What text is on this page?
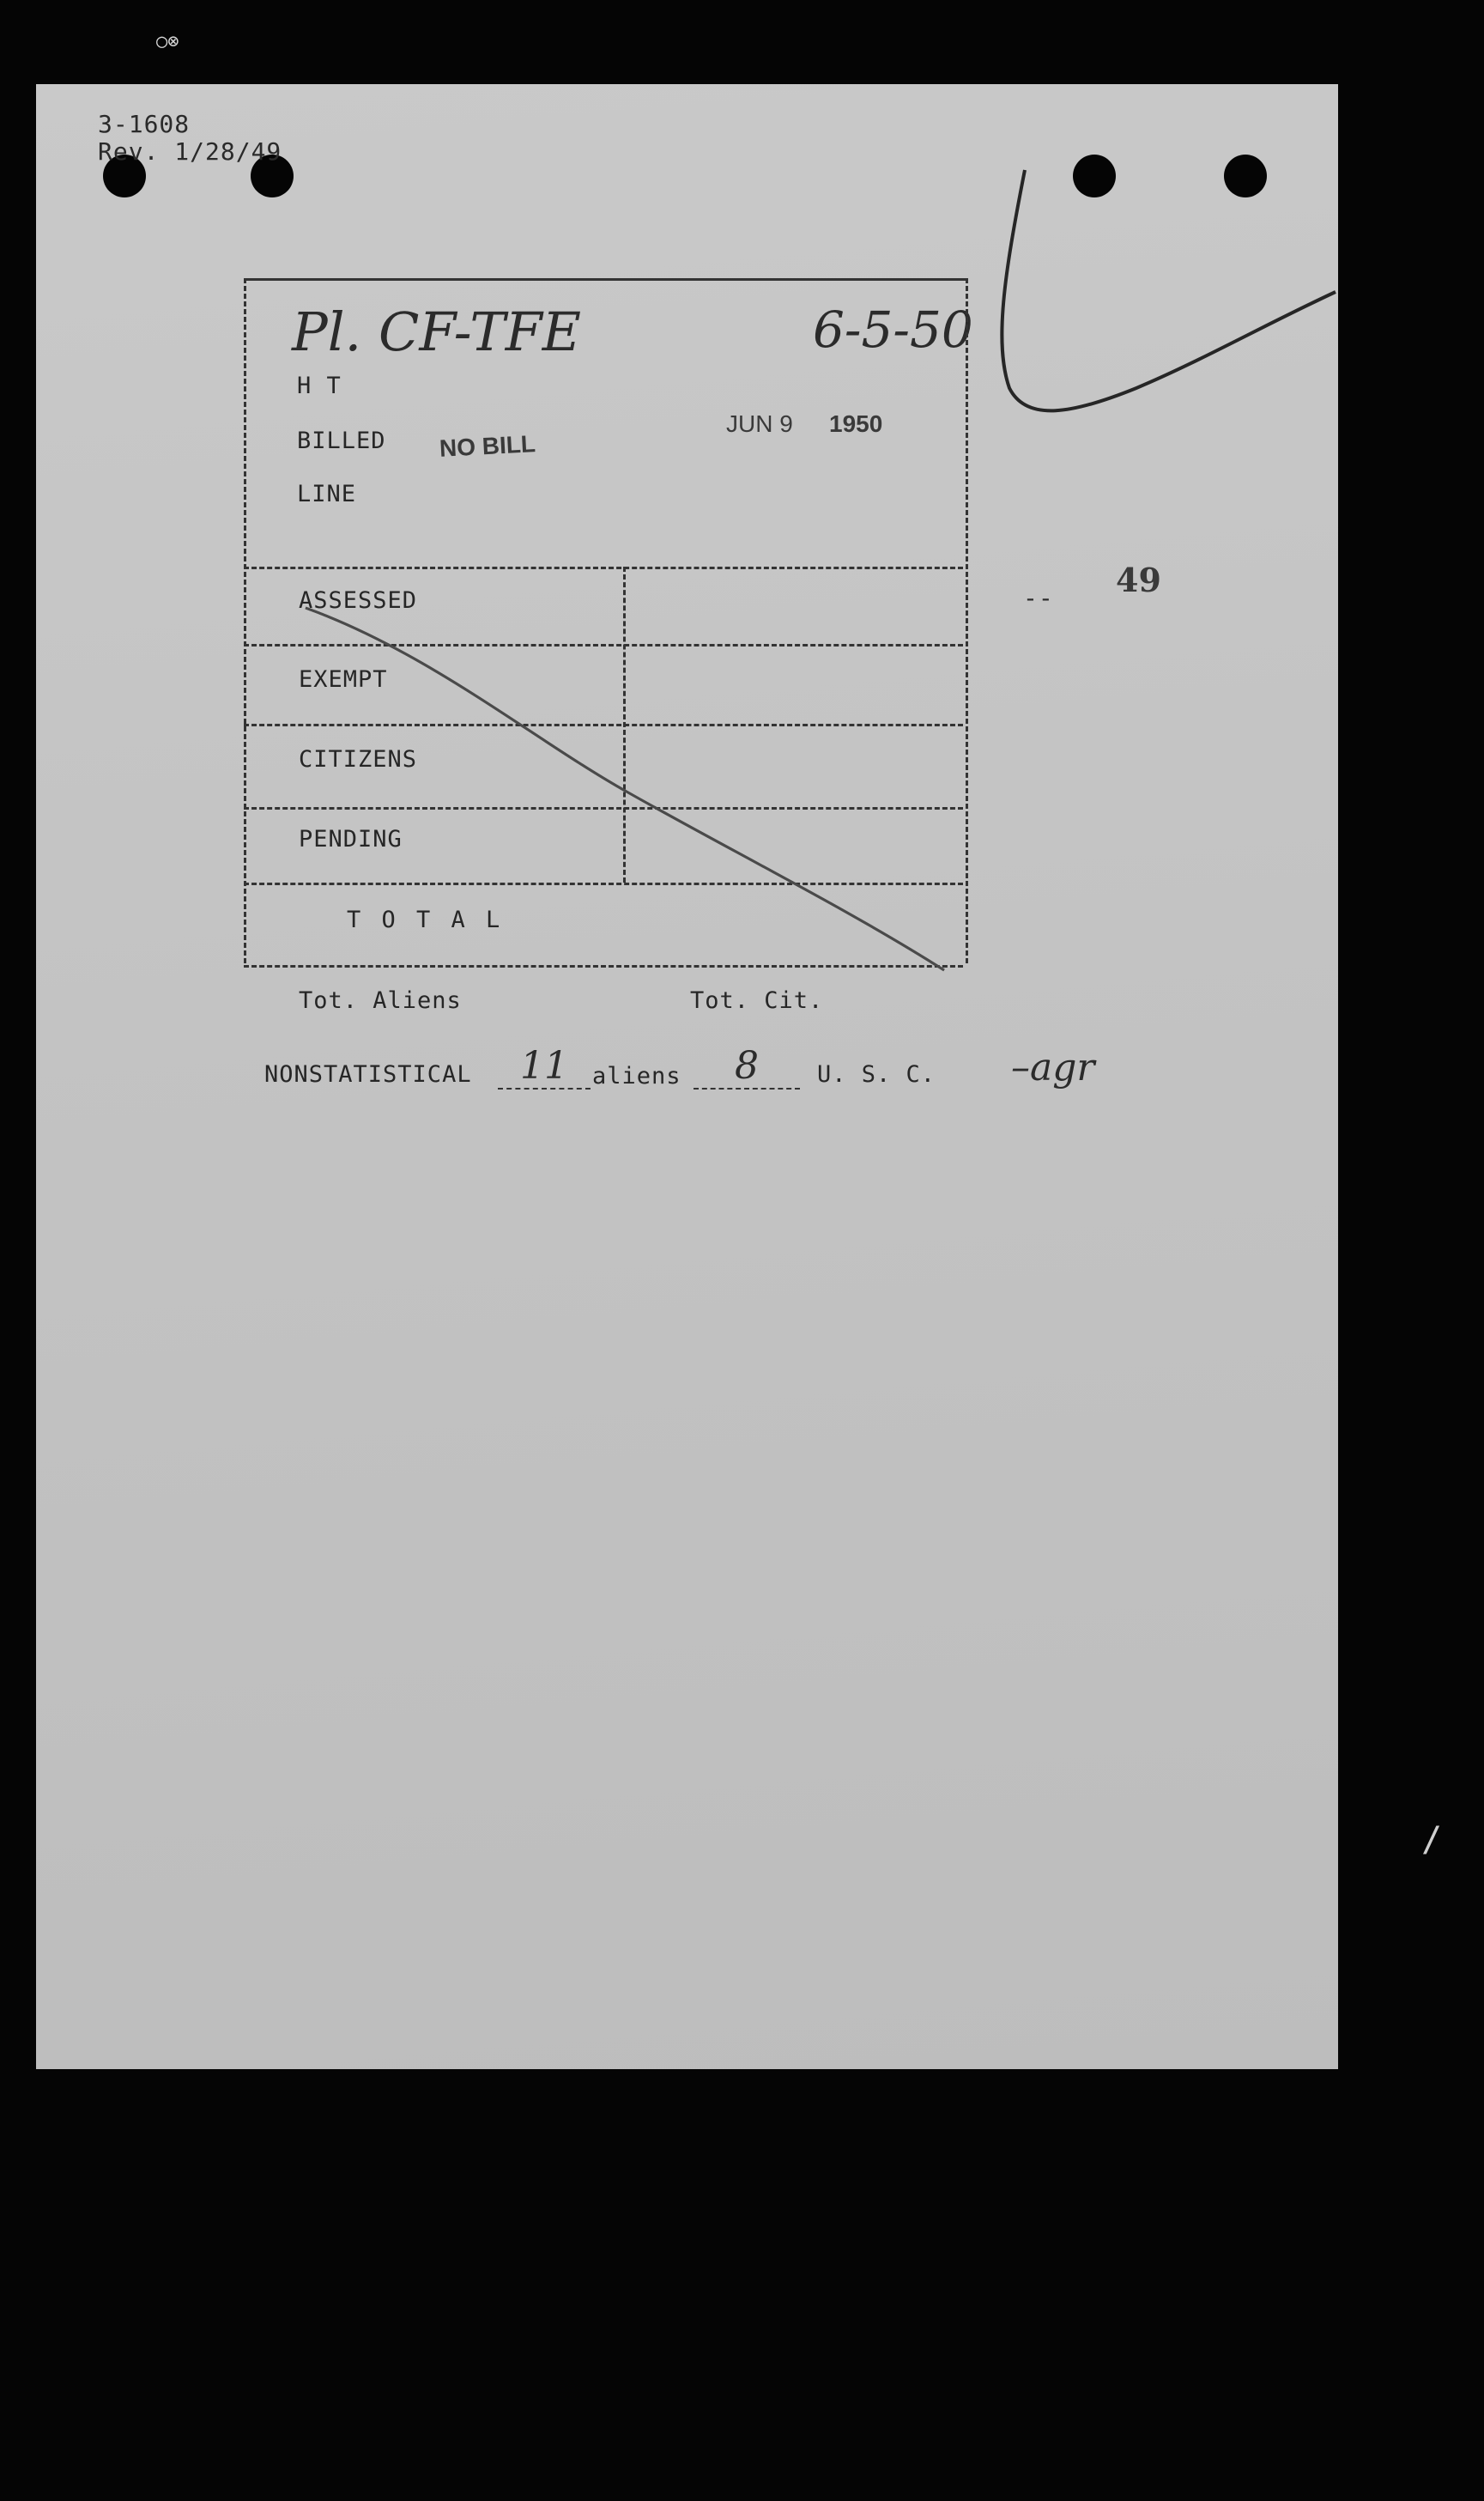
○⊗
3-1608
Rev. 1/28/49
Pl. CF-TFE	6-5-50
49
--
NONSTATISTICAL	11	aliens	8	U. S. C. –agr
H T
BILLED
LINE
NO BILL
JUN 9 1950
ASSESSED
EXEMPT
CITIZENS
PENDING
T O T A L
Tot. Aliens	Tot. Cit.
/
